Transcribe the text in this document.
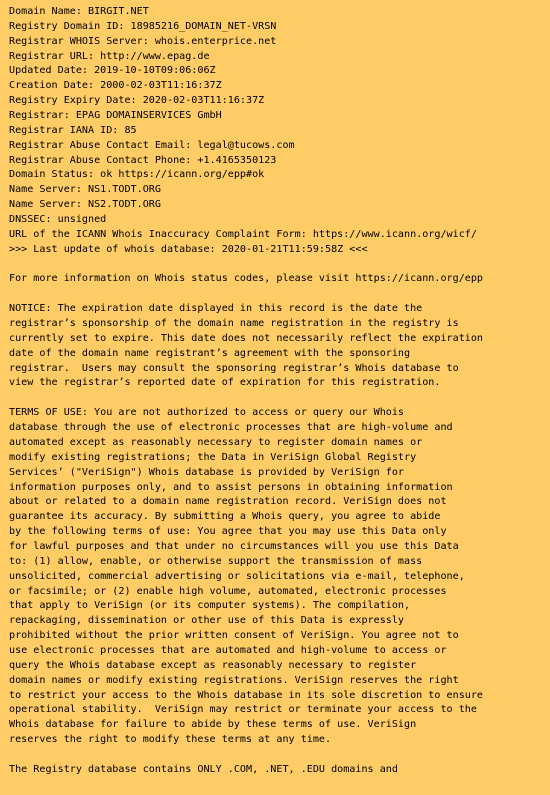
Domain Name: BIRGIT.NET
Registry Domain ID: 18985216_DOMAIN_NET-VRSN
Registrar WHOIS Server: whois.enterprice.net
Registrar URL: http://www.epag.de
Updated Date: 2019-10-10T09:06:06Z
Creation Date: 2000-02-03T11:16:37Z
Registry Expiry Date: 2020-02-03T11:16:37Z
Registrar: EPAG DOMAINSERVICES GmbH
Registrar IANA ID: 85
Registrar Abuse Contact Email: legal@tucows.com
Registrar Abuse Contact Phone: +1.4165350123
Domain Status: ok https://icann.org/epp#ok
Name Server: NS1.TODT.ORG
Name Server: NS2.TODT.ORG
DNSSEC: unsigned
URL of the ICANN Whois Inaccuracy Complaint Form: https://www.icann.org/wicf/
>>> Last update of whois database: 2020-01-21T11:59:58Z <<<
For more information on Whois status codes, please visit https://icann.org/epp
NOTICE: The expiration date displayed in this record is the date the
registrar’s sponsorship of the domain name registration in the registry is
currently set to expire. This date does not necessarily reflect the expiration
date of the domain name registrant’s agreement with the sponsoring
registrar.  Users may consult the sponsoring registrar’s Whois database to
view the registrar’s reported date of expiration for this registration.
TERMS OF USE: You are not authorized to access or query our Whois
database through the use of electronic processes that are high-volume and
automated except as reasonably necessary to register domain names or
modify existing registrations; the Data in VeriSign Global Registry
Services’ ("VeriSign") Whois database is provided by VeriSign for
information purposes only, and to assist persons in obtaining information
about or related to a domain name registration record. VeriSign does not
guarantee its accuracy. By submitting a Whois query, you agree to abide
by the following terms of use: You agree that you may use this Data only
for lawful purposes and that under no circumstances will you use this Data
to: (1) allow, enable, or otherwise support the transmission of mass
unsolicited, commercial advertising or solicitations via e-mail, telephone,
or facsimile; or (2) enable high volume, automated, electronic processes
that apply to VeriSign (or its computer systems). The compilation,
repackaging, dissemination or other use of this Data is expressly
prohibited without the prior written consent of VeriSign. You agree not to
use electronic processes that are automated and high-volume to access or
query the Whois database except as reasonably necessary to register
domain names or modify existing registrations. VeriSign reserves the right
to restrict your access to the Whois database in its sole discretion to ensure
operational stability.  VeriSign may restrict or terminate your access to the
Whois database for failure to abide by these terms of use. VeriSign
reserves the right to modify these terms at any time.
The Registry database contains ONLY .COM, .NET, .EDU domains and
